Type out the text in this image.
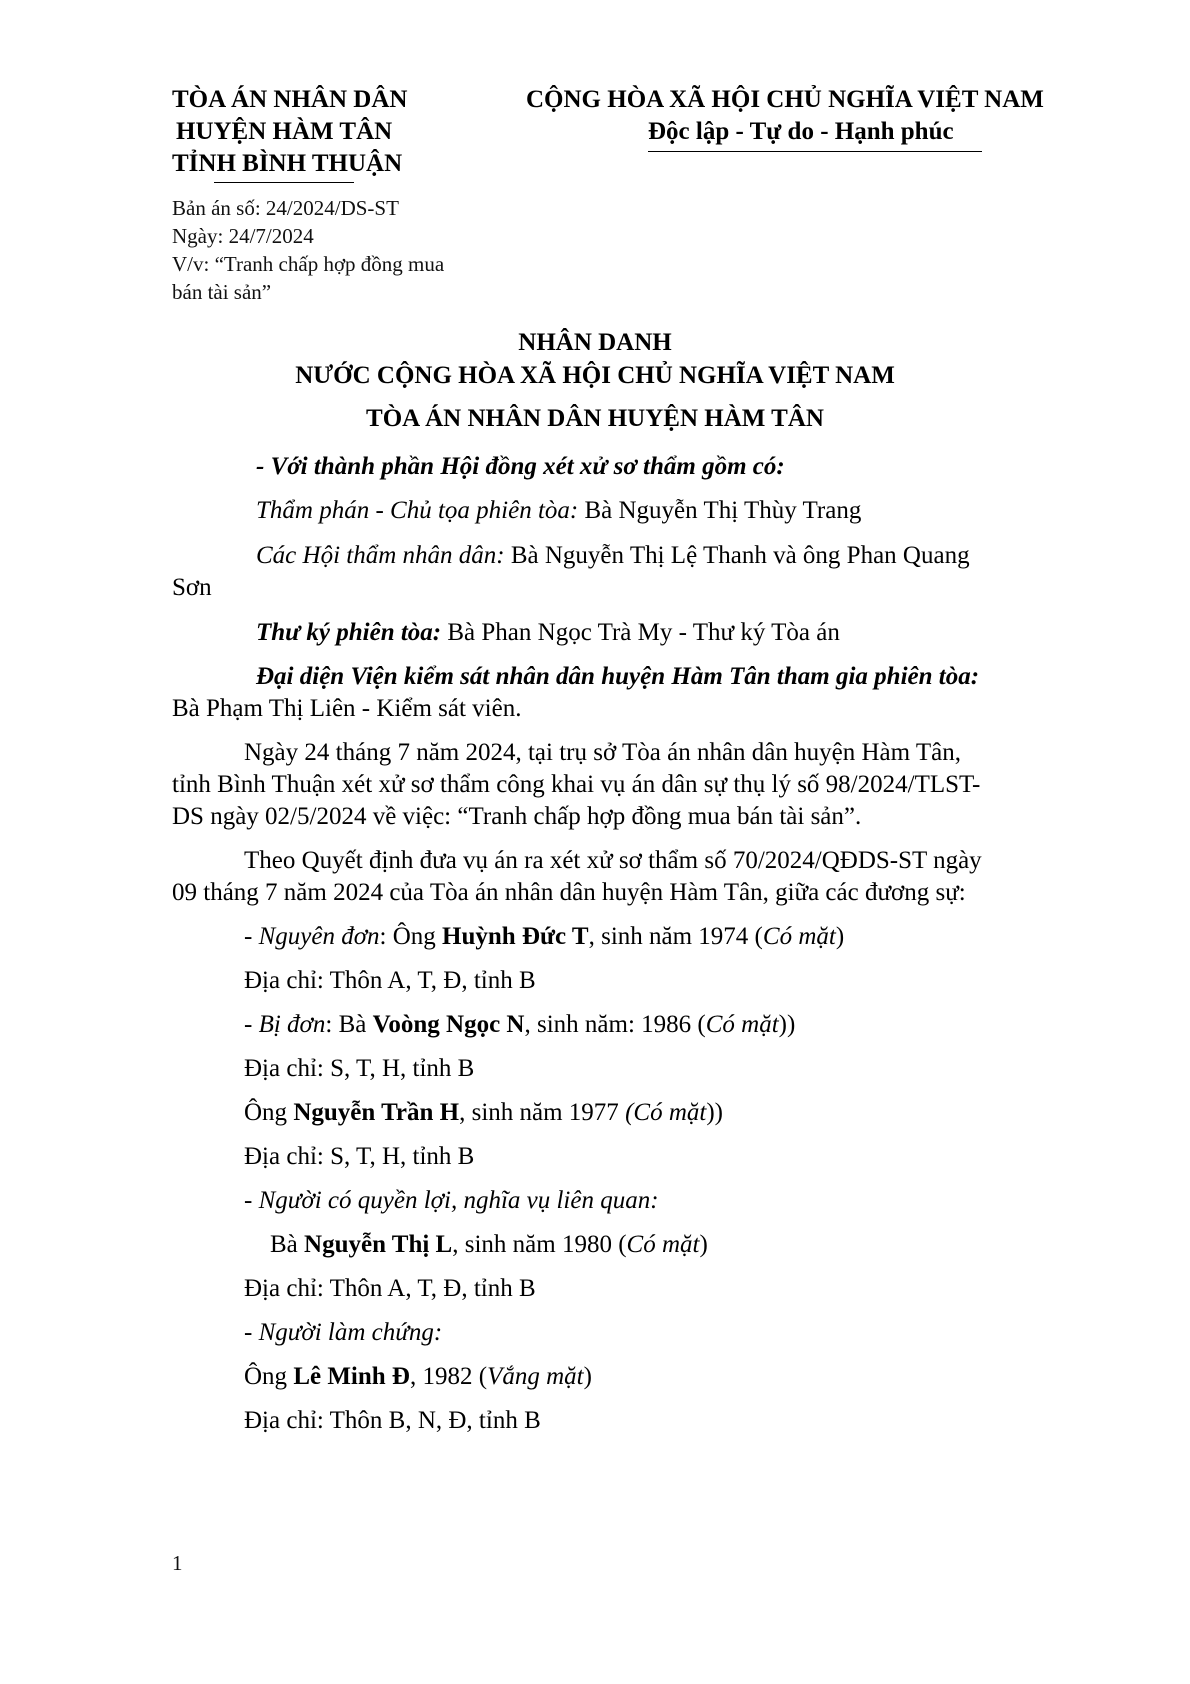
TÒA ÁN NHÂN DÂN
HUYỆN HÀM TÂN
TỈNH BÌNH THUẬN
CỘNG HÒA XÃ HỘI CHỦ NGHĨA VIỆT NAM
Độc lập - Tự do - Hạnh phúc
Bản án số: 24/2024/DS-ST
Ngày: 24/7/2024
V/v: “Tranh chấp hợp đồng mua
bán tài sản”
NHÂN DANH
NƯỚC CỘNG HÒA XÃ HỘI CHỦ NGHĨA VIỆT NAM
TÒA ÁN NHÂN DÂN HUYỆN HÀM TÂN
- Với thành phần Hội đồng xét xử sơ thẩm gồm có:
Thẩm phán - Chủ tọa phiên tòa: Bà Nguyễn Thị Thùy Trang
Các Hội thẩm nhân dân: Bà Nguyễn Thị Lệ Thanh và ông Phan Quang
Sơn
Thư ký phiên tòa: Bà Phan Ngọc Trà My - Thư ký Tòa án
Đại diện Viện kiểm sát nhân dân huyện Hàm Tân tham gia phiên tòa:
Bà Phạm Thị Liên - Kiểm sát viên.
Ngày 24 tháng 7 năm 2024, tại trụ sở Tòa án nhân dân huyện Hàm Tân,
tỉnh Bình Thuận xét xử sơ thẩm công khai vụ án dân sự thụ lý số 98/2024/TLST-
DS ngày 02/5/2024 về việc: “Tranh chấp hợp đồng mua bán tài sản”.
Theo Quyết định đưa vụ án ra xét xử sơ thẩm số 70/2024/QĐDS-ST ngày
09 tháng 7 năm 2024 của Tòa án nhân dân huyện Hàm Tân, giữa các đương sự:
- Nguyên đơn: Ông Huỳnh Đức T, sinh năm 1974 (Có mặt)
Địa chỉ: Thôn A, T, Đ, tỉnh B
- Bị đơn: Bà Voòng Ngọc N, sinh năm: 1986 (Có mặt))
Địa chỉ: S, T, H, tỉnh B
Ông Nguyễn Trần H, sinh năm 1977 (Có mặt))
Địa chỉ: S, T, H, tỉnh B
- Người có quyền lợi, nghĩa vụ liên quan:
Bà Nguyễn Thị L, sinh năm 1980 (Có mặt)
Địa chỉ: Thôn A, T, Đ, tỉnh B
- Người làm chứng:
Ông Lê Minh Đ, 1982 (Vắng mặt)
Địa chỉ: Thôn B, N, Đ, tỉnh B
1
